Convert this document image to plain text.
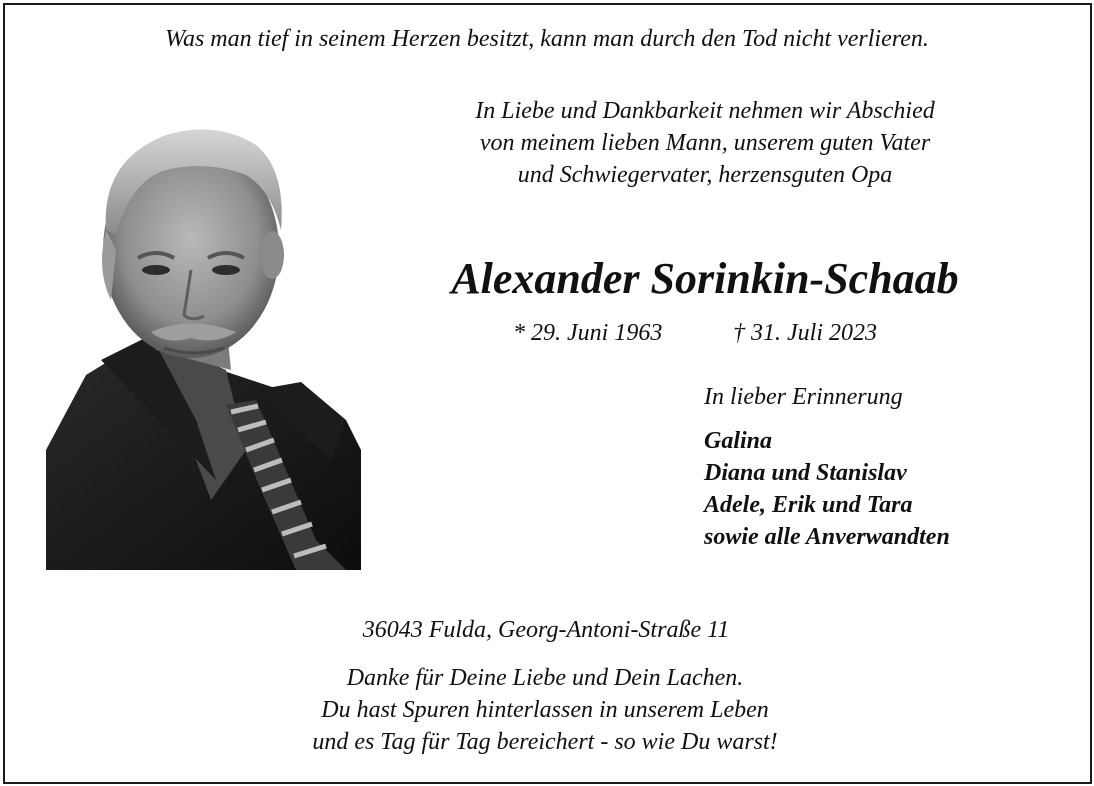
Was man tief in seinem Herzen besitzt, kann man durch den Tod nicht verlieren.
In Liebe und Dankbarkeit nehmen wir Abschied
von meinem lieben Mann, unserem guten Vater
und Schwiegervater, herzensguten Opa
Alexander Sorinkin-Schaab
* 29. Juni 1963	† 31. Juli 2023
In lieber Erinnerung
Galina
Diana und Stanislav
Adele, Erik und Tara
sowie alle Anverwandten
36043 Fulda, Georg-Antoni-Straße 11
Danke für Deine Liebe und Dein Lachen.
Du hast Spuren hinterlassen in unserem Leben
und es Tag für Tag bereichert - so wie Du warst!
